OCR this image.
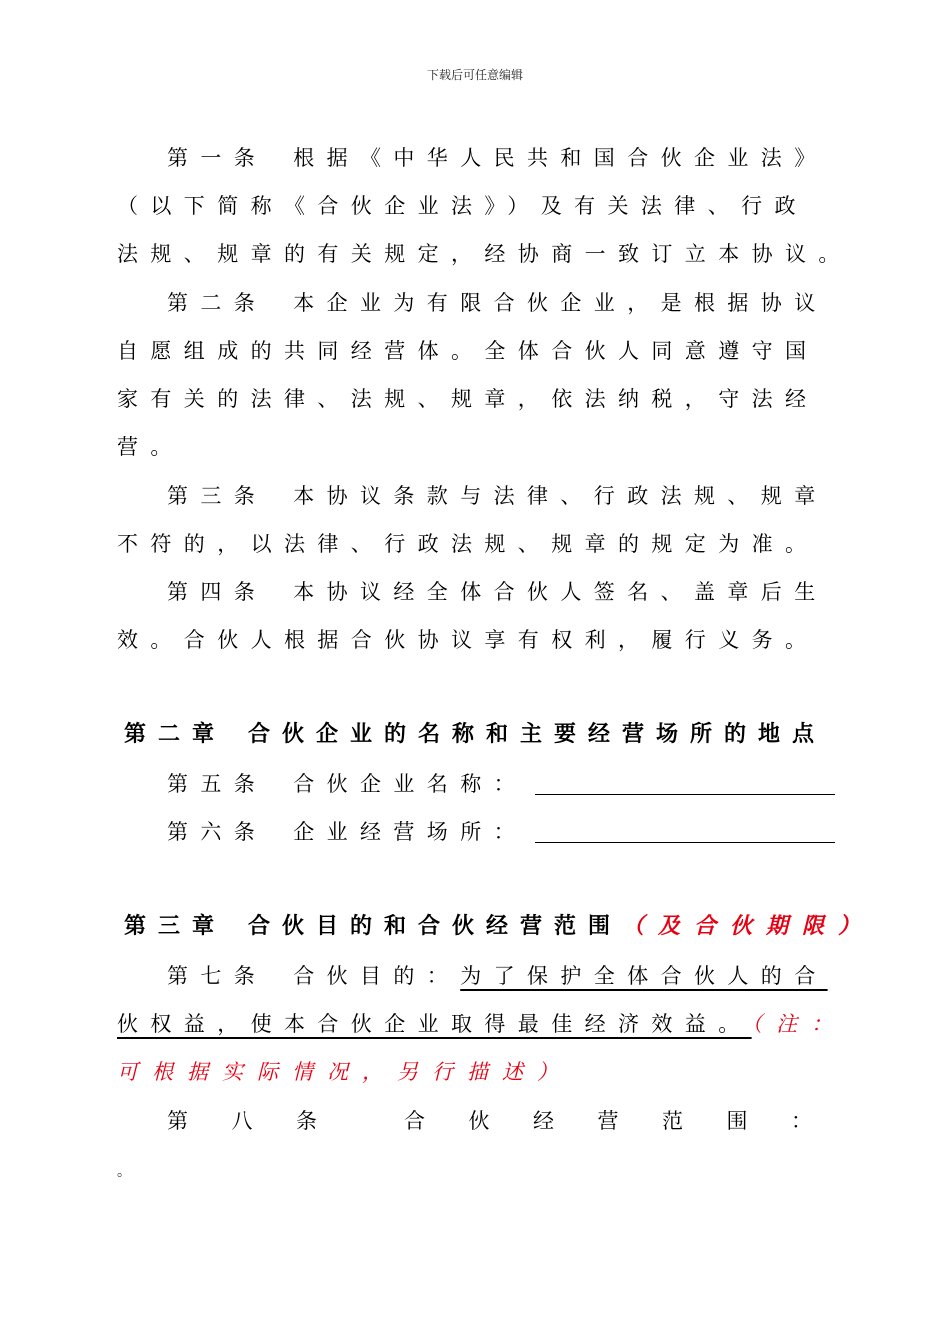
下载后可任意编辑
第一条 根据《中华人民共和国合伙企业法》
（以下简称《合伙企业法》）及有关法律、行政
法规、规章的有关规定，经协商一致订立本协议。
第二条 本企业为有限合伙企业，是根据协议
自愿组成的共同经营体。全体合伙人同意遵守国
家有关的法律、法规、规章，依法纳税，守法经
营。
第三条 本协议条款与法律、行政法规、规章
不符的，以法律、行政法规、规章的规定为准。
第四条 本协议经全体合伙人签名、盖章后生
效。合伙人根据合伙协议享有权利，履行义务。
第二章 合伙企业的名称和主要经营场所的地点
第五条 合伙企业名称：
第六条 企业经营场所：
第三章 合伙目的和合伙经营范围（及合伙期限）
第七条 合伙目的：为了保护全体合伙人的合
伙权益，使本合伙企业取得最佳经济效益。（注：
可根据实际情况，另行描述）
第 八 条	合 伙 经 营 范 围 ：
。
